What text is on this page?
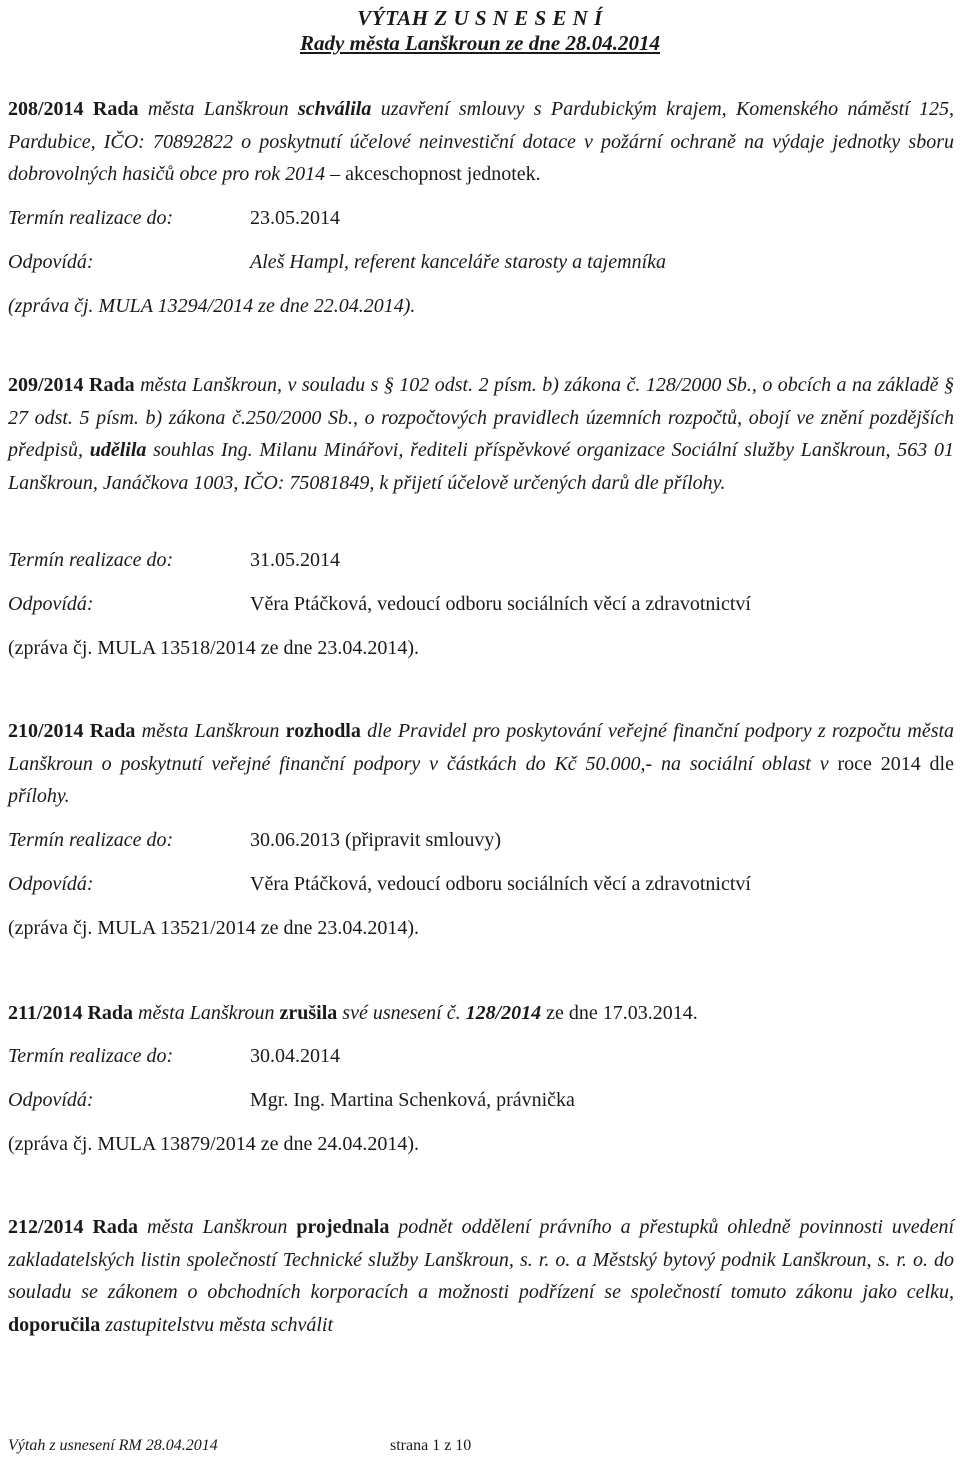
VÝTAH Z U S N E S E N Í
Rady města Lanškroun ze dne 28.04.2014
208/2014 Rada města Lanškroun schválila uzavření smlouvy s Pardubickým krajem, Komenského náměstí 125, Pardubice, IČO: 70892822 o poskytnutí účelové neinvestiční dotace v požární ochraně na výdaje jednotky sboru dobrovolných hasičů obce pro rok 2014 – akceschopnost jednotek.
Termín realizace do:	23.05.2014
Odpovídá:	Aleš Hampl, referent kanceláře starosty a tajemníka
(zpráva čj. MULA 13294/2014 ze dne 22.04.2014).
209/2014 Rada města Lanškroun, v souladu s § 102 odst. 2 písm. b) zákona č. 128/2000 Sb., o obcích a na základě § 27 odst. 5 písm. b) zákona č.250/2000 Sb., o rozpočtových pravidlech územních rozpočtů, obojí ve znění pozdějších předpisů, udělila souhlas Ing. Milanu Minářovi, řediteli příspěvkové organizace Sociální služby Lanškroun, 563 01 Lanškroun, Janáčkova 1003, IČO: 75081849, k přijetí účelově určených darů dle přílohy.
Termín realizace do:	31.05.2014
Odpovídá:	Věra Ptáčková, vedoucí odboru sociálních věcí a zdravotnictví
(zpráva čj. MULA 13518/2014 ze dne 23.04.2014).
210/2014 Rada města Lanškroun rozhodla dle Pravidel pro poskytování veřejné finanční podpory z rozpočtu města Lanškroun o poskytnutí veřejné finanční podpory v částkách do Kč 50.000,- na sociální oblast v roce 2014 dle přílohy.
Termín realizace do:	30.06.2013 (připravit smlouvy)
Odpovídá:	Věra Ptáčková, vedoucí odboru sociálních věcí a zdravotnictví
(zpráva čj. MULA 13521/2014 ze dne 23.04.2014).
211/2014 Rada města Lanškroun zrušila své usnesení č. 128/2014 ze dne 17.03.2014.
Termín realizace do:	30.04.2014
Odpovídá:	Mgr. Ing. Martina Schenková, právnička
(zpráva čj. MULA 13879/2014 ze dne 24.04.2014).
212/2014 Rada města Lanškroun projednala podnět oddělení právního a přestupků ohledně povinnosti uvedení zakladatelských listin společností Technické služby Lanškroun, s. r. o. a Městský bytový podnik Lanškroun, s. r. o. do souladu se zákonem o obchodních korporacích a možnosti podřízení se společností tomuto zákonu jako celku, doporučila zastupitelstvu města schválit
Výtah z usnesení RM 28.04.2014	strana 1 z 10
